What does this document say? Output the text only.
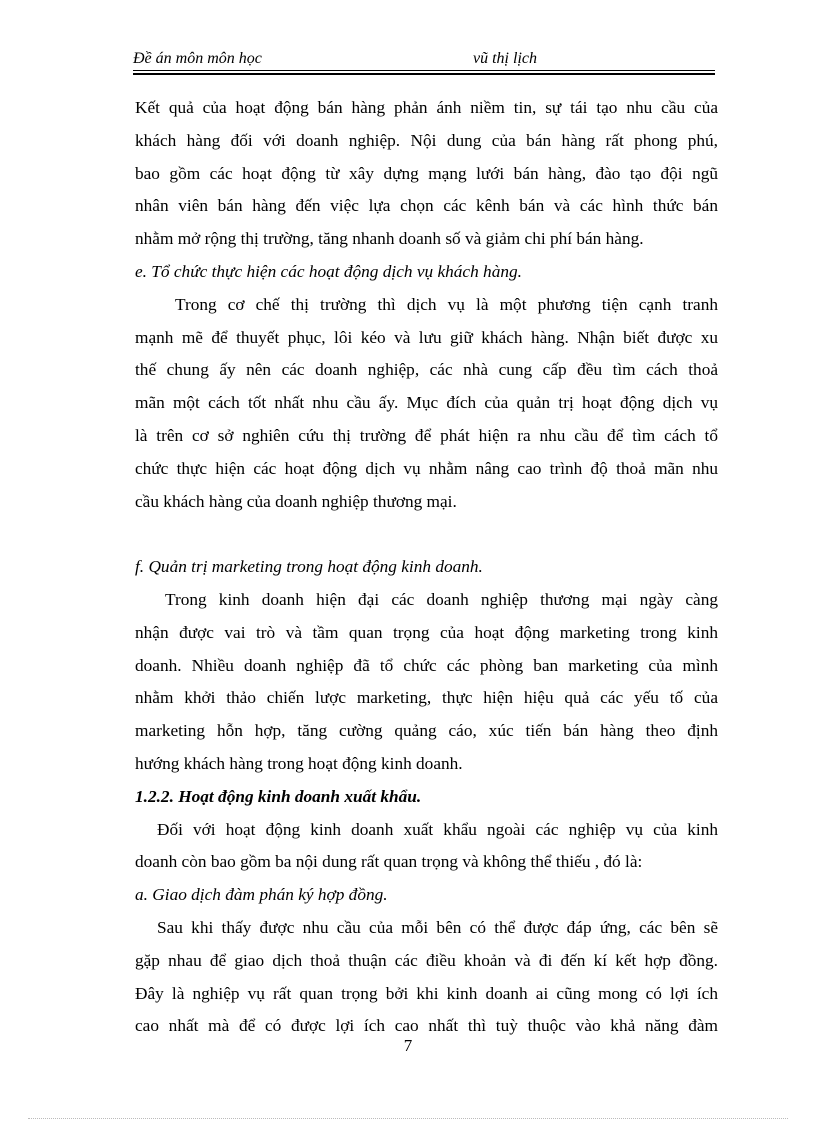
Đề án môn môn học	vũ thị lịch
Kết quả của hoạt động bán hàng phản ánh niềm tin, sự tái tạo nhu cầu của
khách hàng đối với doanh nghiệp. Nội dung của bán hàng rất phong phú,
bao gồm các hoạt động từ xây dựng mạng lưới bán hàng, đào tạo đội ngũ
nhân viên bán hàng đến việc lựa chọn các kênh bán và các hình thức bán
nhằm mở rộng thị trường, tăng nhanh doanh số và giảm chi phí bán hàng.
e. Tổ chức thực hiện các hoạt động dịch vụ khách hàng.
Trong cơ chế thị trường thì dịch vụ là một phương tiện cạnh tranh
mạnh mẽ để thuyết phục, lôi kéo và lưu giữ khách hàng. Nhận biết được xu
thế chung ấy nên các doanh nghiệp, các nhà cung cấp đều tìm cách thoả
mãn một cách tốt nhất nhu cầu ấy. Mục đích của quản trị hoạt động dịch vụ
là trên cơ sở nghiên cứu thị trường để phát hiện ra nhu cầu để tìm cách tổ
chức thực hiện các hoạt động dịch vụ nhằm nâng cao trình độ thoả mãn nhu
cầu khách hàng của doanh nghiệp thương mại.
f. Quản trị marketing trong hoạt động kinh doanh.
Trong kinh doanh hiện đại các doanh nghiệp thương mại ngày càng
nhận được vai trò và tầm quan trọng của hoạt động marketing trong kinh
doanh. Nhiều doanh nghiệp đã tổ chức các phòng ban marketing của mình
nhằm khởi thảo chiến lược marketing, thực hiện hiệu quả các yếu tố của
marketing hỗn hợp, tăng cường quảng cáo, xúc tiến bán hàng theo định
hướng khách hàng trong hoạt động kinh doanh.
1.2.2. Hoạt động kinh doanh xuất khẩu.
Đối với hoạt động kinh doanh xuất khẩu ngoài các nghiệp vụ của kinh
doanh còn bao gồm ba nội dung rất quan trọng và không thể thiếu , đó là:
a. Giao dịch đàm phán ký hợp đồng.
Sau khi thấy được nhu cầu của mỗi bên có thể được đáp ứng, các bên sẽ
gặp nhau để giao dịch thoả thuận các điều khoản và đi đến kí kết hợp đồng.
Đây là nghiệp vụ rất quan trọng bởi khi kinh doanh ai cũng mong có lợi ích
cao nhất mà để có được lợi ích cao nhất thì tuỳ thuộc vào khả năng đàm
7
